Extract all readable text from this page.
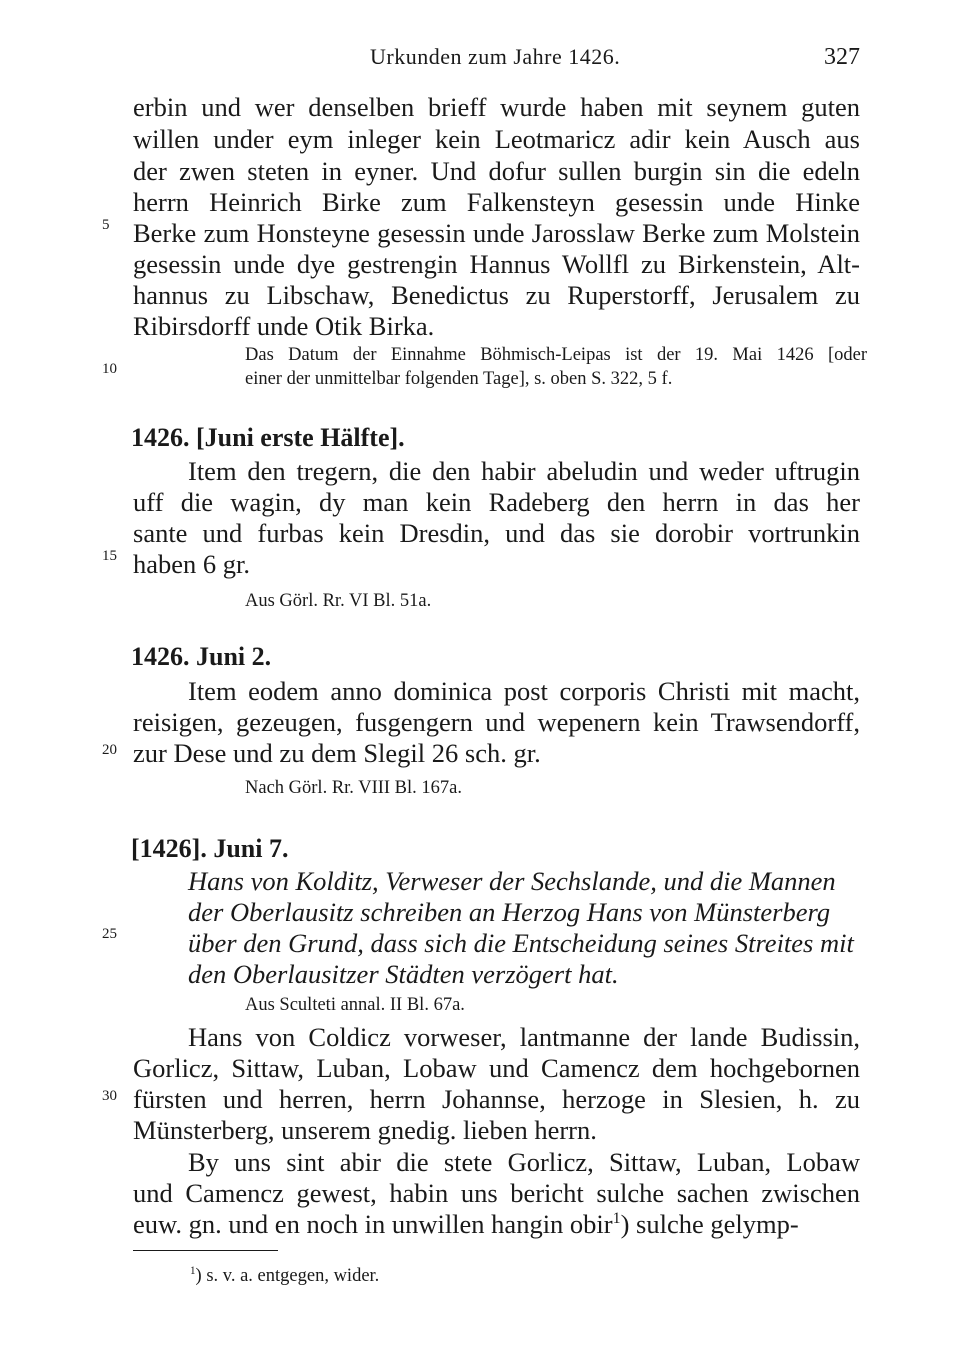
Urkunden zum Jahre 1426.	327
5
10
15
20
25
30
erbin und wer denselben brieff wurde haben mit seynem guten
willen under eym inleger kein Leotmaricz adir kein Ausch aus
der zwen steten in eyner. Und dofur sullen burgin sin die edeln
herrn Heinrich Birke zum Falkensteyn gesessin unde Hinke
Berke zum Honsteyne gesessin unde Jarosslaw Berke zum Molstein
gesessin unde dye gestrengin Hannus Wollfl zu Birkenstein, Alt-
hannus zu Libschaw, Benedictus zu Ruperstorff, Jerusalem zu
Ribirsdorff unde Otik Birka.
Das Datum der Einnahme Böhmisch-Leipas ist der 19. Mai 1426 [oder
einer der unmittelbar folgenden Tage], s. oben S. 322, 5 f.
1426. [Juni erste Hälfte].
Item den tregern, die den habir abeludin und weder uftrugin
uff die wagin, dy man kein Radeberg den herrn in das her
sante und furbas kein Dresdin, und das sie dorobir vortrunkin
haben 6 gr.
Aus Görl. Rr. VI Bl. 51a.
1426. Juni 2.
Item eodem anno dominica post corporis Christi mit macht,
reisigen, gezeugen, fusgengern und wepenern kein Trawsendorff,
zur Dese und zu dem Slegil 26 sch. gr.
Nach Görl. Rr. VIII Bl. 167a.
[1426]. Juni 7.
Hans von Kolditz, Verweser der Sechslande, und die Mannen
der Oberlausitz schreiben an Herzog Hans von Münsterberg
über den Grund, dass sich die Entscheidung seines Streites mit
den Oberlausitzer Städten verzögert hat.
Aus Sculteti annal. II Bl. 67a.
Hans von Coldicz vorweser, lantmanne der lande Budissin,
Gorlicz, Sittaw, Luban, Lobaw und Camencz dem hochgebornen
fürsten und herren, herrn Johannse, herzoge in Slesien, h. zu
Münsterberg, unserem gnedig. lieben herrn.
By uns sint abir die stete Gorlicz, Sittaw, Luban, Lobaw
und Camencz gewest, habin uns bericht sulche sachen zwischen
euw. gn. und en noch in unwillen hangin obir$^1$) sulche gelymp-
$^1$) s. v. a. entgegen, wider.
